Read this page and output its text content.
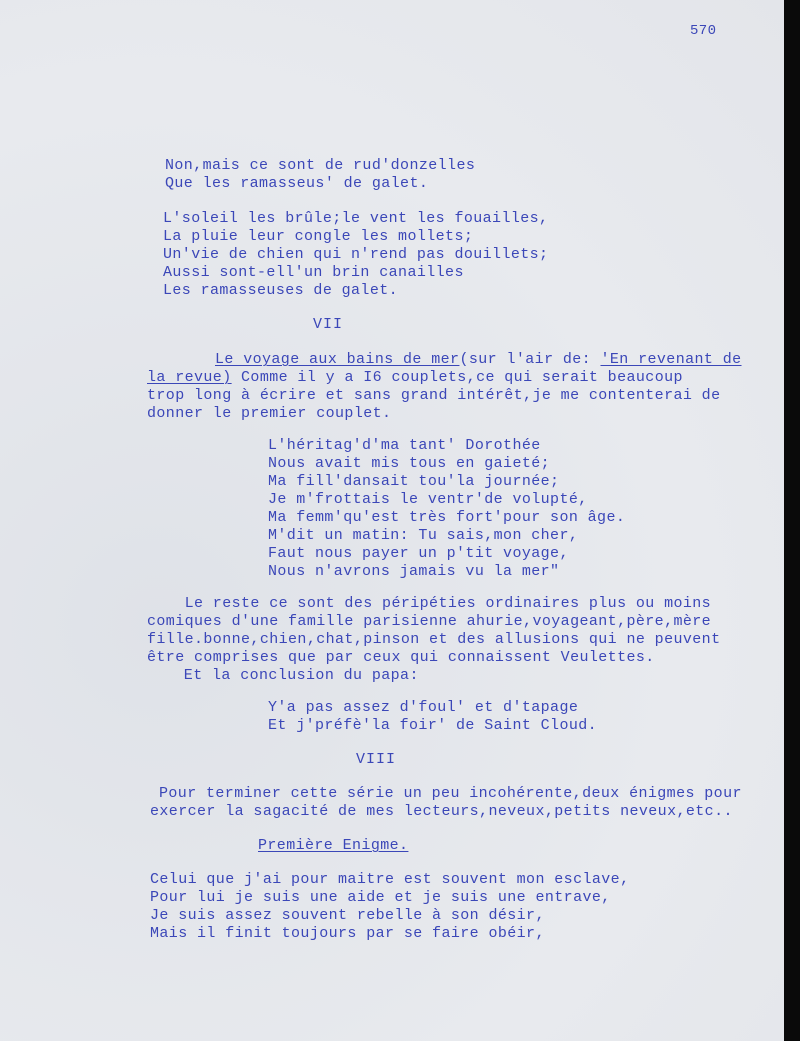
570
Non,mais ce sont de rud'donzelles
Que les ramasseus' de galet.
L'soleil les brûle;le vent les fouailles,
La pluie leur congle les mollets;
Un'vie de chien qui n'rend pas douillets;
Aussi sont-ell'un brin canailles
Les ramasseuses de galet.
VII
Le voyage aux bains de mer(sur l'air de: 'En revenant de
la revue) Comme il y a I6 couplets,ce qui serait beaucoup
trop long à écrire et sans grand intérêt,je me contenterai de
donner le premier couplet.
L'héritag'd'ma tant' Dorothée
Nous avait mis tous en gaieté;
Ma fill'dansait tou'la journée;
Je m'frottais le ventr'de volupté,
Ma femm'qu'est très fort'pour son âge.
M'dit un matin: Tu sais,mon cher,
Faut nous payer un p'tit voyage,
Nous n'avrons jamais vu la mer"
Le reste ce sont des péripéties ordinaires plus ou moins
comiques d'une famille parisienne ahurie,voyageant,père,mère
fille.bonne,chien,chat,pinson et des allusions qui ne peuvent
être comprises que par ceux qui connaissent Veulettes.
Et la conclusion du papa:
Y'a pas assez d'foul' et d'tapage
Et j'préfè'la foir' de Saint Cloud.
VIII
Pour terminer cette série un peu incohérente,deux énigmes pour
exercer la sagacité de mes lecteurs,neveux,petits neveux,etc..
Première Enigme.
Celui que j'ai pour maitre est souvent mon esclave,
Pour lui je suis une aide et je suis une entrave,
Je suis assez souvent rebelle à son désir,
Mais il finit toujours par se faire obéir,
